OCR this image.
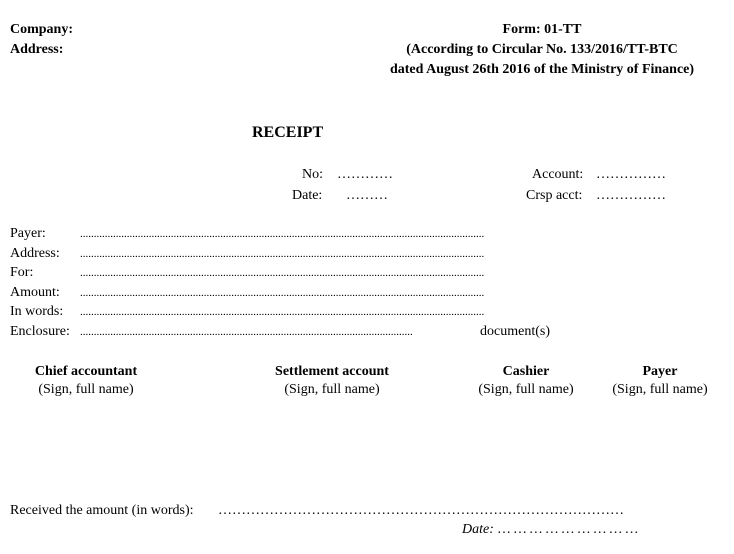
Company:
Address:
Form: 01-TT
(According to Circular No. 133/2016/TT-BTC
dated August 26th 2016 of the Ministry of Finance)
RECEIPT
No: …………
Date: ………
Account: ……………
Crsp acct: ……………
Payer:	...................................................................................................................................................
Address: ...................................................................................................................................................
For:	...................................................................................................................................................
Amount: ...................................................................................................................................................
In words: ...................................................................................................................................................
Enclosure: .........................................................................................................................	document(s)
Chief accountant
(Sign, full name)
Settlement account
(Sign, full name)
Cashier
(Sign, full name)
Payer
(Sign, full name)
Received the amount (in words): ……………………………………………………………………………
Date: … … … … … … … … …
